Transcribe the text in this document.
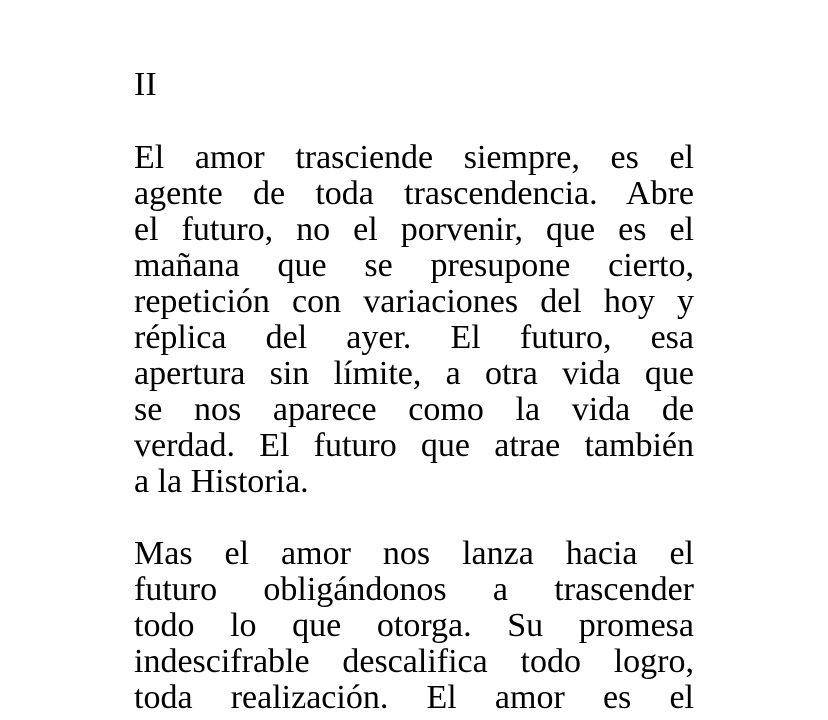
II

El amor trasciende siempre, es el
agente de toda trascendencia. Abre
el futuro, no el porvenir, que es el
mañana que se presupone cierto,
repetición con variaciones del hoy y
réplica del ayer. El futuro, esa
apertura sin límite, a otra vida que
se nos aparece como la vida de
verdad. El futuro que atrae también
a la Historia.

Mas el amor nos lanza hacia el
futuro obligándonos a trascender
todo lo que otorga. Su promesa
indescifrable descalifica todo logro,
toda realización. El amor es el
